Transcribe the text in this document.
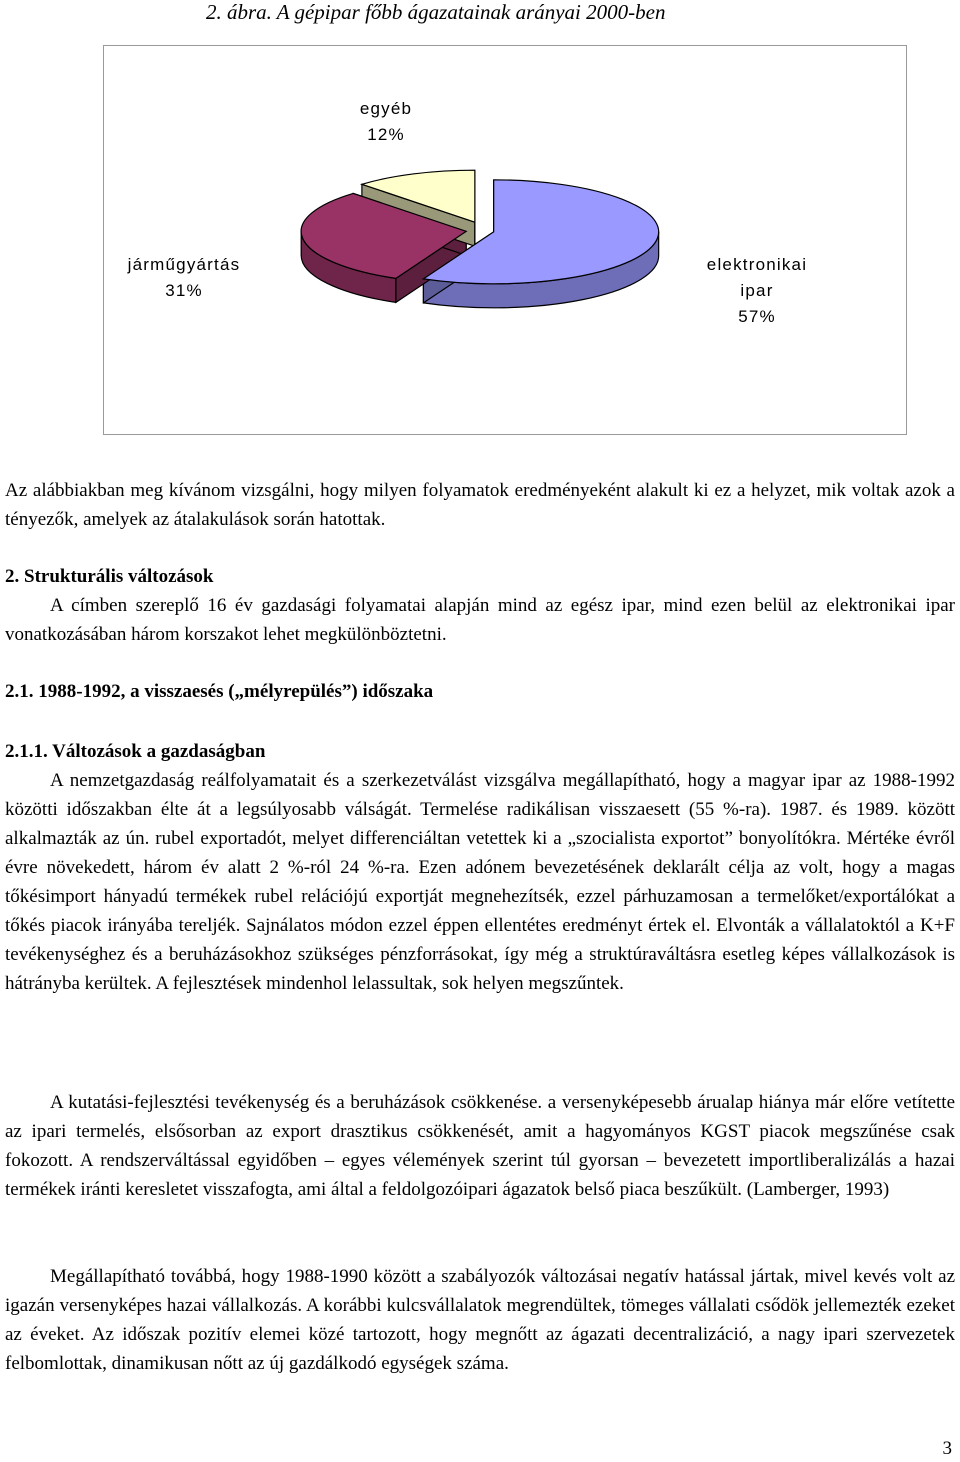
2. ábra. A gépipar főbb ágazatainak arányai 2000-ben
elektronikai
ipar
57%
járműgyártás
31%
egyéb
12%

Az alábbiakban meg kívánom vizsgálni, hogy milyen folyamatok eredményeként alakult ki ez a helyzet, mik voltak azok a tényezők, amelyek az átalakulások során hatottak.

2. Strukturális változások

A címben szereplő 16 év gazdasági folyamatai alapján mind az egész ipar, mind ezen belül az elektronikai ipar vonatkozásában három korszakot lehet megkülönböztetni.

2.1. 1988-1992, a visszaesés („mélyrepülés”) időszaka

2.1.1. Változások a gazdaságban

A nemzetgazdaság reálfolyamatait és a szerkezetválást vizsgálva megállapítható, hogy a magyar ipar az 1988-1992 közötti időszakban élte át a legsúlyosabb válságát. Termelése radikálisan visszaesett (55 %-ra). 1987. és 1989. között alkalmazták az ún. rubel exportadót, melyet differenciáltan vetettek ki a „szocialista exportot” bonyolítókra. Mértéke évről évre növekedett, három év alatt 2 %-ról 24 %-ra. Ezen adónem bevezetésének deklarált célja az volt, hogy a magas tőkésimport hányadú termékek rubel relációjú exportját megnehezítsék, ezzel párhuzamosan a termelőket/exportálókat a tőkés piacok irányába tereljék. Sajnálatos módon ezzel éppen ellentétes eredményt értek el. Elvonták a vállalatoktól a K+F tevékenységhez és a beruházásokhoz szükséges pénzforrásokat, így még a struktúraváltásra esetleg képes vállalkozások is hátrányba kerültek. A fejlesztések mindenhol lelassultak, sok helyen megszűntek.

A kutatási-fejlesztési tevékenység és a beruházások csökkenése. a versenyképesebb árualap hiánya már előre vetítette az ipari termelés, elsősorban az export drasztikus csökkenését, amit a hagyományos KGST piacok megszűnése csak fokozott. A rendszerváltással egyidőben – egyes vélemények szerint túl gyorsan – bevezetett importliberalizálás a hazai termékek iránti keresletet visszafogta, ami által a feldolgozóipari ágazatok belső piaca beszűkült. (Lamberger, 1993)

Megállapítható továbbá, hogy 1988-1990 között a szabályozók változásai negatív hatással jártak, mivel kevés volt az igazán versenyképes hazai vállalkozás. A korábbi kulcsvállalatok megrendültek, tömeges vállalati csődök jellemezték ezeket az éveket. Az időszak pozitív elemei közé tartozott, hogy megnőtt az ágazati decentralizáció, a nagy ipari szervezetek felbomlottak, dinamikusan nőtt az új gazdálkodó egységek száma.

3
